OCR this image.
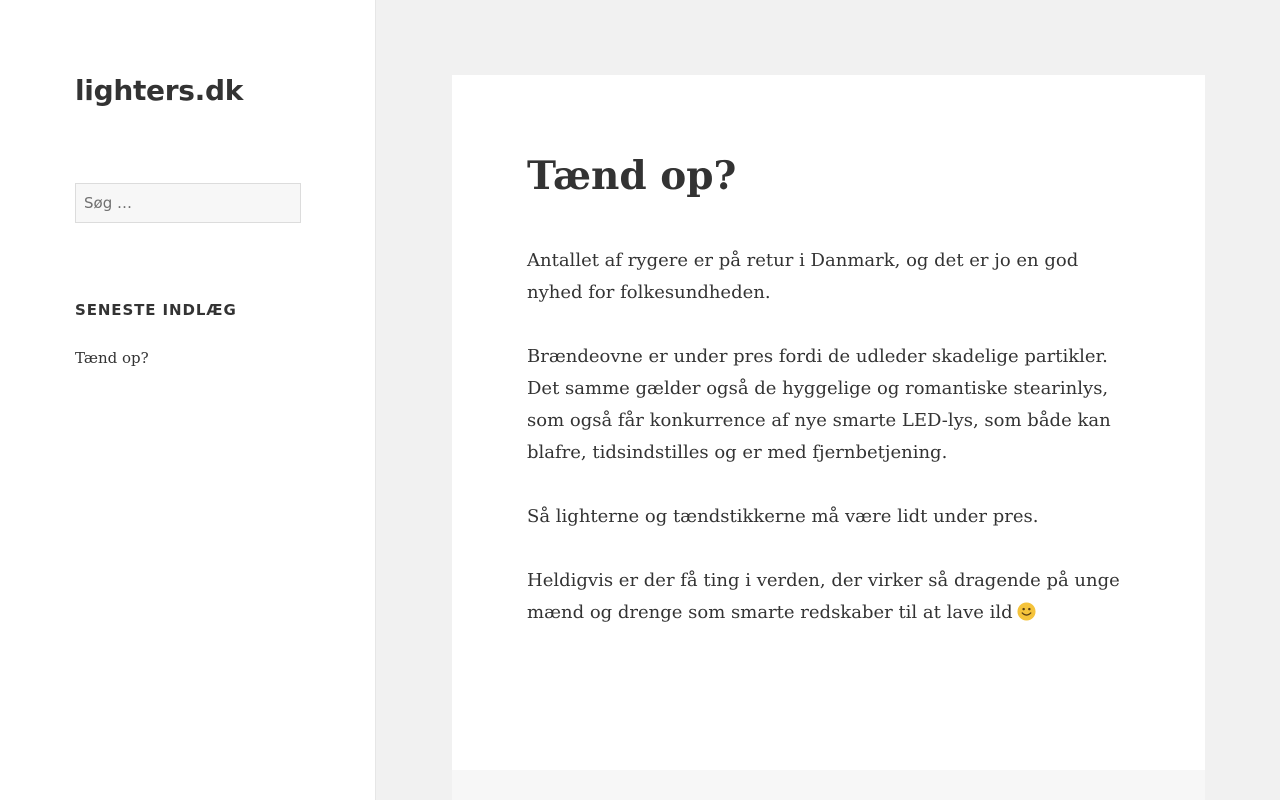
lighters.dk
Søg …
SENESTE INDLÆG
Tænd op?
Tænd op?

Antallet af rygere er på retur i Danmark, og det er jo en god nyhed for folkesundheden.

Brændeovne er under pres fordi de udleder skadelige partikler. Det samme gælder også de hyggelige og romantiske stearinlys, som også får konkurrence af nye smarte LED-lys, som både kan blafre, tidsindstilles og er med fjernbetjening.

Så lighterne og tændstikkerne må være lidt under pres.

Heldigvis er der få ting i verden, der virker så dragende på unge mænd og drenge som smarte redskaber til at lave ild
